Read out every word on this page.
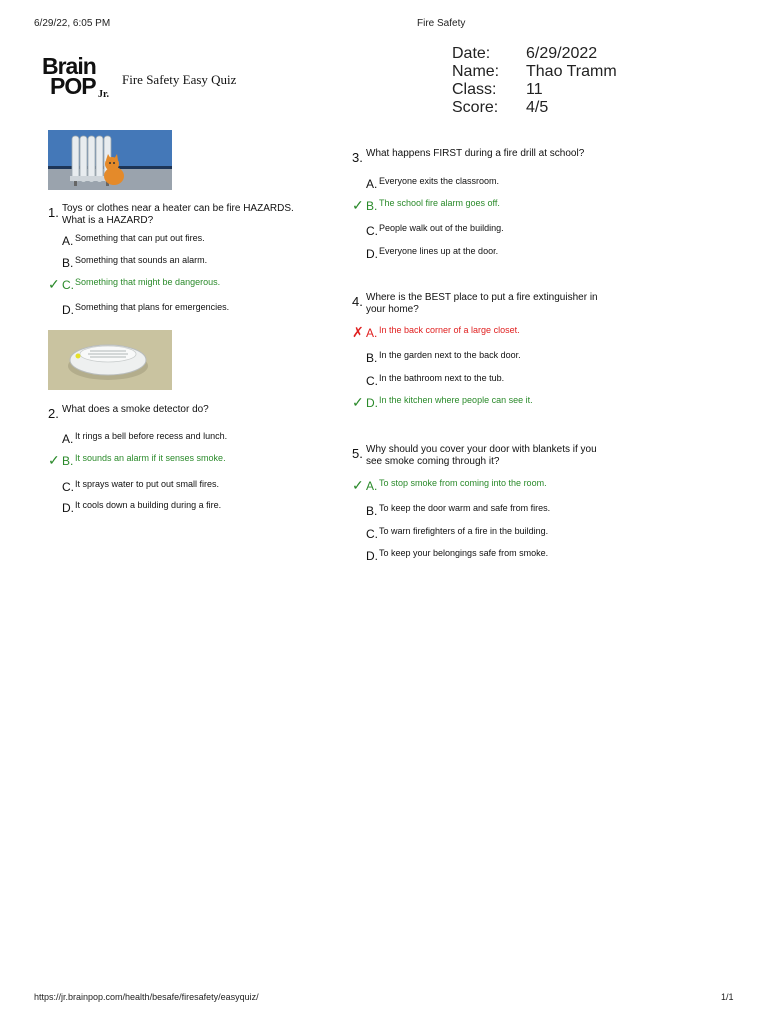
6/29/22, 6:05 PM	Fire Safety
Brain
POP Jr.
Fire Safety Easy Quiz
Date:	6/29/2022
Name:	Thao Tramm
Class:	11
Score:	4/5
1. Toys or clothes near a heater can be fire HAZARDS. What is a HAZARD?
A. Something that can put out fires.
B. Something that sounds an alarm.
✓ C. Something that might be dangerous.
D. Something that plans for emergencies.
2. What does a smoke detector do?
A. It rings a bell before recess and lunch.
✓ B. It sounds an alarm if it senses smoke.
C. It sprays water to put out small fires.
D. It cools down a building during a fire.
3. What happens FIRST during a fire drill at school?
A. Everyone exits the classroom.
✓ B. The school fire alarm goes off.
C. People walk out of the building.
D. Everyone lines up at the door.
4. Where is the BEST place to put a fire extinguisher in your home?
✗ A. In the back corner of a large closet.
B. In the garden next to the back door.
C. In the bathroom next to the tub.
✓ D. In the kitchen where people can see it.
5. Why should you cover your door with blankets if you see smoke coming through it?
✓ A. To stop smoke from coming into the room.
B. To keep the door warm and safe from fires.
C. To warn firefighters of a fire in the building.
D. To keep your belongings safe from smoke.
https://jr.brainpop.com/health/besafe/firesafety/easyquiz/	1/1
